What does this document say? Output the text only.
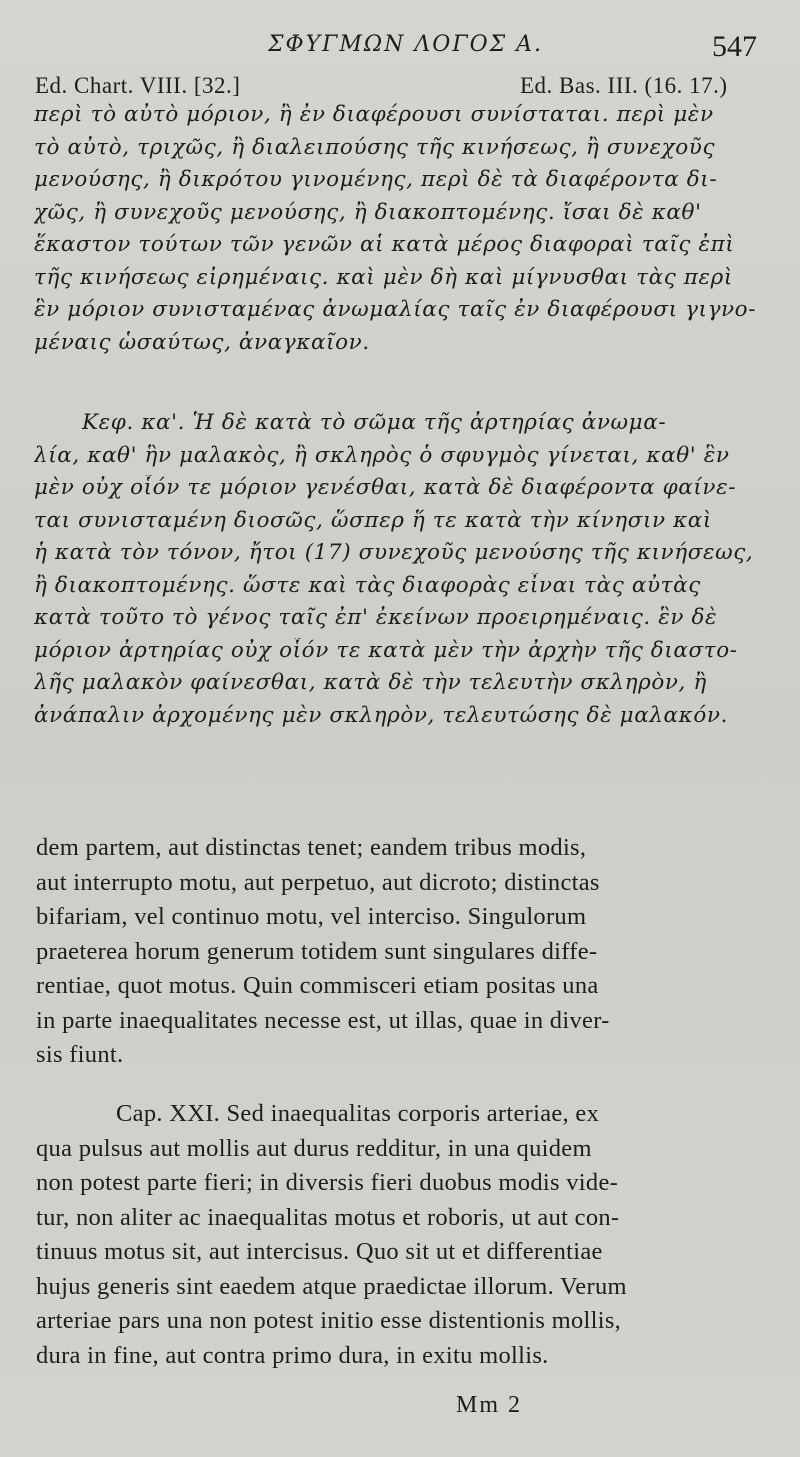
ΣΦΥΓΜΩΝ ΛΟΓΟΣ Α.	547
Ed. Chart. VIII. [32.]	Ed. Bas. III. (16. 17.)
περὶ τὸ αὐτὸ μόριον, ἢ ἐν διαφέρουσι συνίσταται. περὶ μὲν
τὸ αὐτὸ, τριχῶς, ἢ διαλειπούσης τῆς κινήσεως, ἢ συνεχοῦς
μενούσης, ἢ δικρότου γινομένης, περὶ δὲ τὰ διαφέροντα δι-
χῶς, ἢ συνεχοῦς μενούσης, ἢ διακοπτομένης. ἴσαι δὲ καθ'
ἕκαστον τούτων τῶν γενῶν αἱ κατὰ μέρος διαφοραὶ ταῖς ἐπὶ
τῆς κινήσεως εἰρημέναις. καὶ μὲν δὴ καὶ μίγνυσθαι τὰς περὶ
ἓν μόριον συνισταμένας ἀνωμαλίας ταῖς ἐν διαφέρουσι γιγνο-
μέναις ὡσαύτως, ἀναγκαῖον.
Κεφ. κα'. Ἡ δὲ κατὰ τὸ σῶμα τῆς ἀρτηρίας ἀνωμα-
λία, καθ' ἣν μαλακὸς, ἢ σκληρὸς ὁ σφυγμὸς γίνεται, καθ' ἓν
μὲν οὐχ οἷόν τε μόριον γενέσθαι, κατὰ δὲ διαφέροντα φαίνε-
ται συνισταμένη διοσῶς, ὥσπερ ἥ τε κατὰ τὴν κίνησιν καὶ
ἡ κατὰ τὸν τόνον, ἤτοι (17) συνεχοῦς μενούσης τῆς κινήσεως,
ἢ διακοπτομένης. ὥστε καὶ τὰς διαφορὰς εἶναι τὰς αὐτὰς
κατὰ τοῦτο τὸ γένος ταῖς ἐπ' ἐκείνων προειρημέναις. ἓν δὲ
μόριον ἀρτηρίας οὐχ οἷόν τε κατὰ μὲν τὴν ἀρχὴν τῆς διαστο-
λῆς μαλακὸν φαίνεσθαι, κατὰ δὲ τὴν τελευτὴν σκληρὸν, ἢ
ἀνάπαλιν ἀρχομένης μὲν σκληρὸν, τελευτώσης δὲ μαλακόν.
dem partem, aut distinctas tenet; eandem tribus modis,
aut interrupto motu, aut perpetuo, aut dicroto; distinctas
bifariam, vel continuo motu, vel interciso. Singulorum
praeterea horum generum totidem sunt singulares diffe-
rentiae, quot motus. Quin commisceri etiam positas una
in parte inaequalitates necesse est, ut illas, quae in diver-
sis fiunt.
Cap. XXI. Sed inaequalitas corporis arteriae, ex
qua pulsus aut mollis aut durus redditur, in una quidem
non potest parte fieri; in diversis fieri duobus modis vide-
tur, non aliter ac inaequalitas motus et roboris, ut aut con-
tinuus motus sit, aut intercisus. Quo sit ut et differentiae
hujus generis sint eaedem atque praedictae illorum. Verum
arteriae pars una non potest initio esse distentionis mollis,
dura in fine, aut contra primo dura, in exitu mollis.
Mm 2
